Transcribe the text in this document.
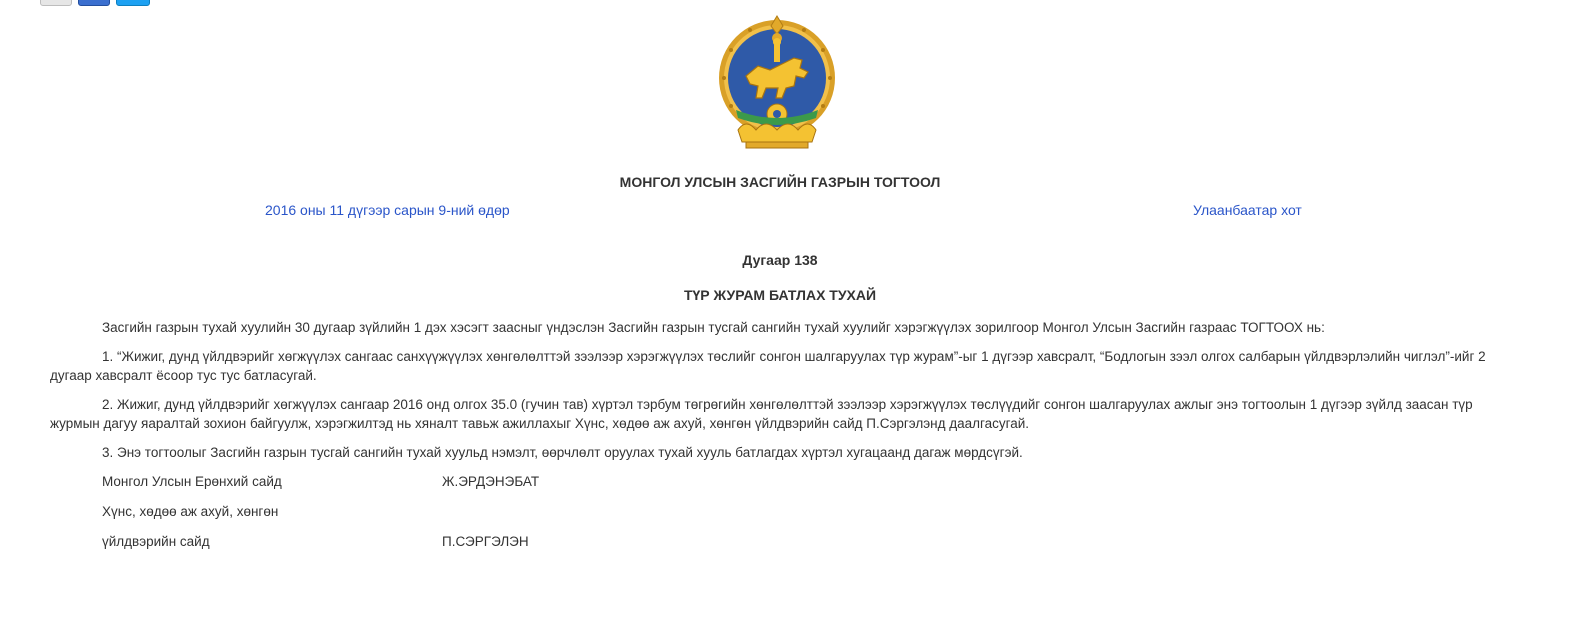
МОНГОЛ УЛСЫН ЗАСГИЙН ГАЗРЫН ТОГТООЛ
2016 оны 11 дүгээр сарын 9-ний өдөр	Улаанбаатар хот
Дугаар 138
ТҮР ЖУРАМ БАТЛАХ ТУХАЙ

Засгийн газрын тухай хуулийн 30 дугаар зүйлийн 1 дэх хэсэгт заасныг үндэслэн Засгийн газрын тусгай сангийн тухай хуулийг хэрэгжүүлэх зорилгоор Монгол Улсын Засгийн газраас ТОГТООХ нь:

1. “Жижиг, дунд үйлдвэрийг хөгжүүлэх сангаас санхүүжүүлэх хөнгөлөлттэй зээлээр хэрэгжүүлэх төслийг сонгон шалгаруулах түр журам”-ыг 1 дүгээр хавсралт, “Бодлогын зээл олгох салбарын үйлдвэрлэлийн чиглэл”-ийг 2 дугаар хавсралт ёсоор тус тус батласугай.

2. Жижиг, дунд үйлдвэрийг хөгжүүлэх сангаар 2016 онд олгох 35.0 (гучин тав) хүртэл тэрбум төгрөгийн хөнгөлөлттэй зээлээр хэрэгжүүлэх төслүүдийг сонгон шалгаруулах ажлыг энэ тогтоолын 1 дүгээр зүйлд заасан түр журмын дагуу яаралтай зохион байгуулж, хэрэгжилтэд нь хяналт тавьж ажиллахыг Хүнс, хөдөө аж ахуй, хөнгөн үйлдвэрийн сайд П.Сэргэлэнд даалгасугай.

3. Энэ тогтоолыг Засгийн газрын тусгай сангийн тухай хуульд нэмэлт, өөрчлөлт оруулах тухай хууль батлагдах хүртэл хугацаанд дагаж мөрдсүгэй.

Монгол Улсын Ерөнхий сайд	Ж.ЭРДЭНЭБАТ
Хүнс, хөдөө аж ахуй, хөнгөн
үйлдвэрийн сайд	П.СЭРГЭЛЭН
